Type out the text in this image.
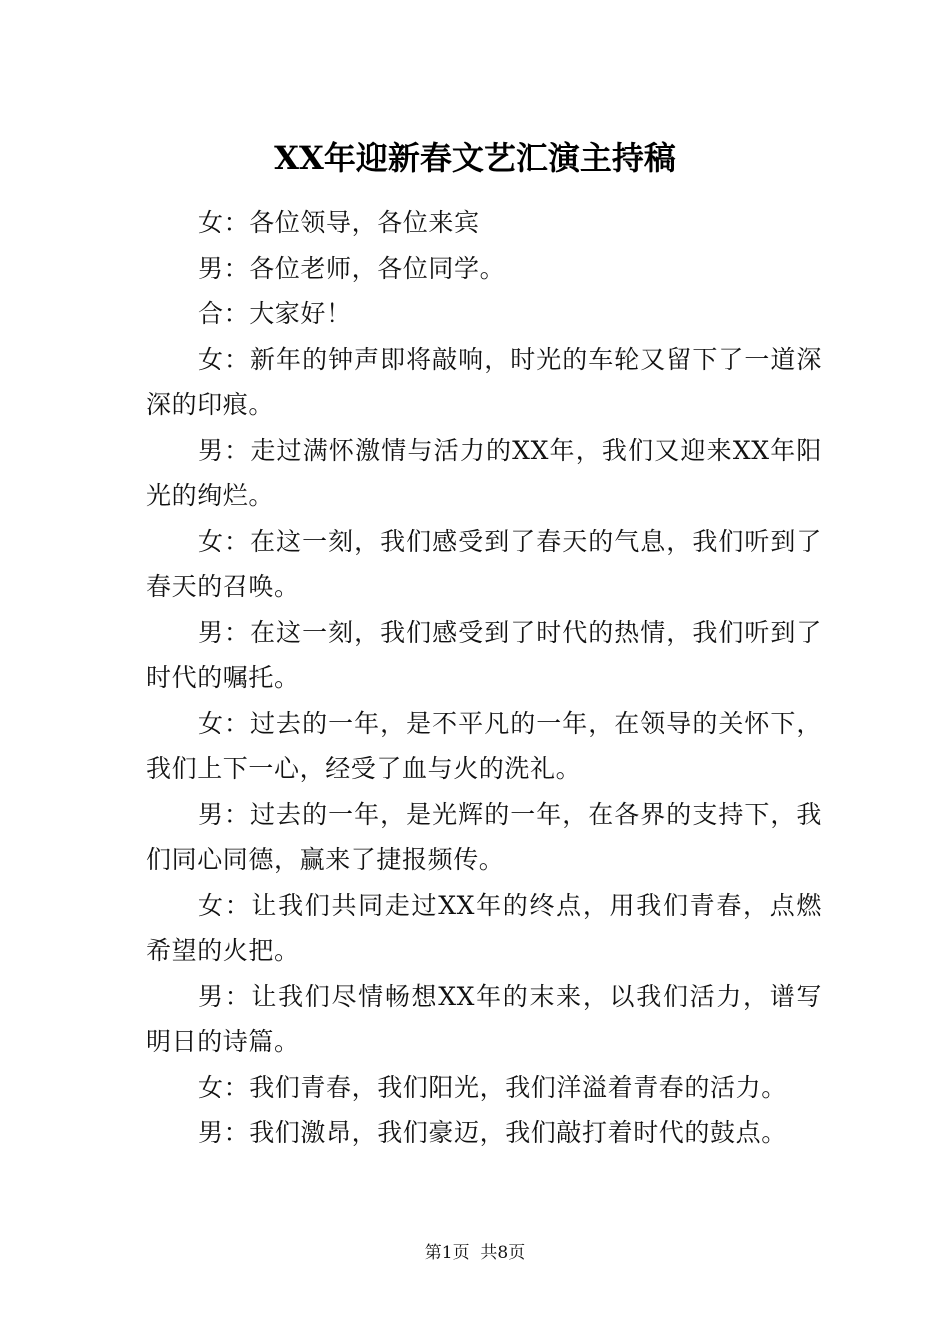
XX年迎新春文艺汇演主持稿

女：各位领导，各位来宾

男：各位老师，各位同学。

合：大家好！

女：新年的钟声即将敲响，时光的车轮又留下了一道深深的印痕。

男：走过满怀激情与活力的XX年，我们又迎来XX年阳光的绚烂。

女：在这一刻，我们感受到了春天的气息，我们听到了春天的召唤。

男：在这一刻，我们感受到了时代的热情，我们听到了时代的嘱托。

女：过去的一年，是不平凡的一年，在领导的关怀下，我们上下一心，经受了血与火的洗礼。

男：过去的一年，是光辉的一年，在各界的支持下，我们同心同德，赢来了捷报频传。

女：让我们共同走过XX年的终点，用我们青春，点燃希望的火把。

男：让我们尽情畅想XX年的末来，以我们活力，谱写明日的诗篇。

女：我们青春，我们阳光，我们洋溢着青春的活力。

男：我们激昂，我们豪迈，我们敲打着时代的鼓点。

第1页 共8页
